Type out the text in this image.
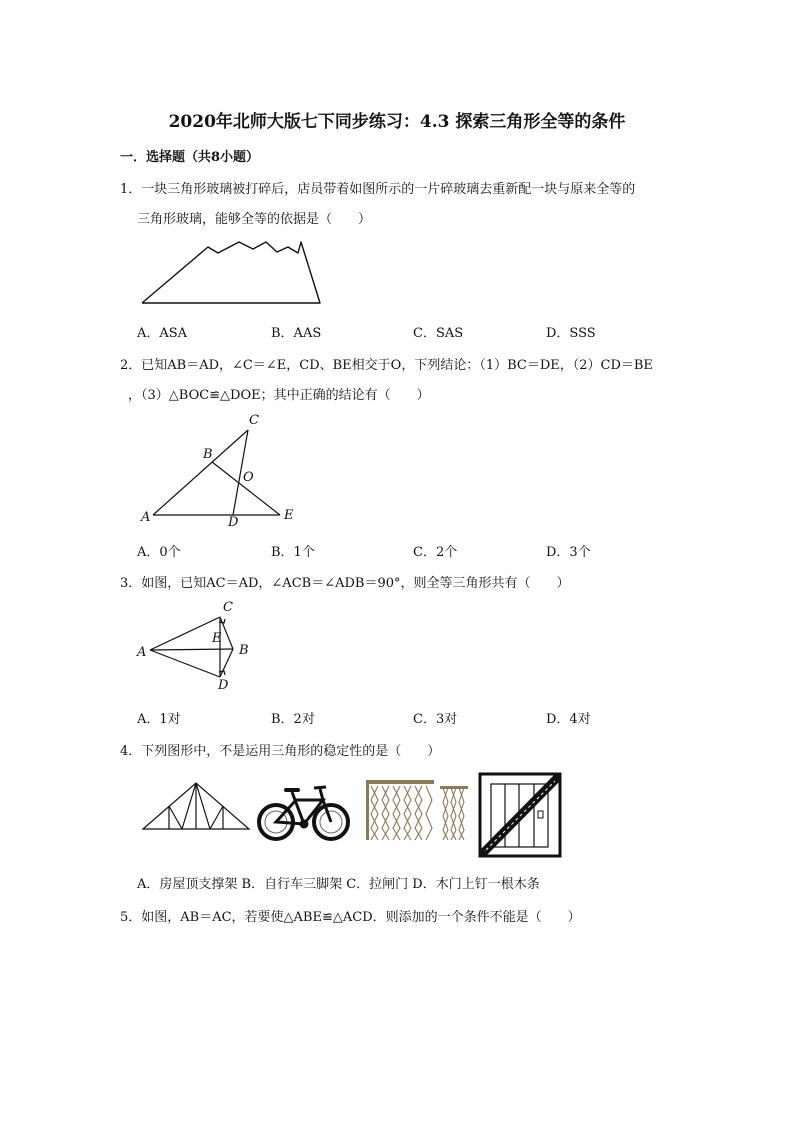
2020年北师大版七下同步练习：4.3 探索三角形全等的条件
一．选择题（共8小题）
1．一块三角形玻璃被打碎后，店员带着如图所示的一片碎玻璃去重新配一块与原来全等的
三角形玻璃，能够全等的依据是（　　）
A．ASA	B．AAS	C．SAS	D．SSS
2．已知AB＝AD，∠C＝∠E，CD、BE相交于O，下列结论：（1）BC＝DE，（2）CD＝BE
，（3）△BOC≌△DOE；其中正确的结论有（　　）
C
B
O
A	D	E
A．0个	B．1个	C．2个	D．3个
3．如图，已知AC＝AD，∠ACB＝∠ADB＝90°，则全等三角形共有（　　）
C
E
A	B
D
A．1对	B．2对	C．3对	D．4对
4．下列图形中，不是运用三角形的稳定性的是（　　）
A．房屋顶支撑架 B．自行车三脚架 C．拉闸门 D．木门上钉一根木条
5．如图，AB＝AC，若要使△ABE≌△ACD．则添加的一个条件不能是（　　）
